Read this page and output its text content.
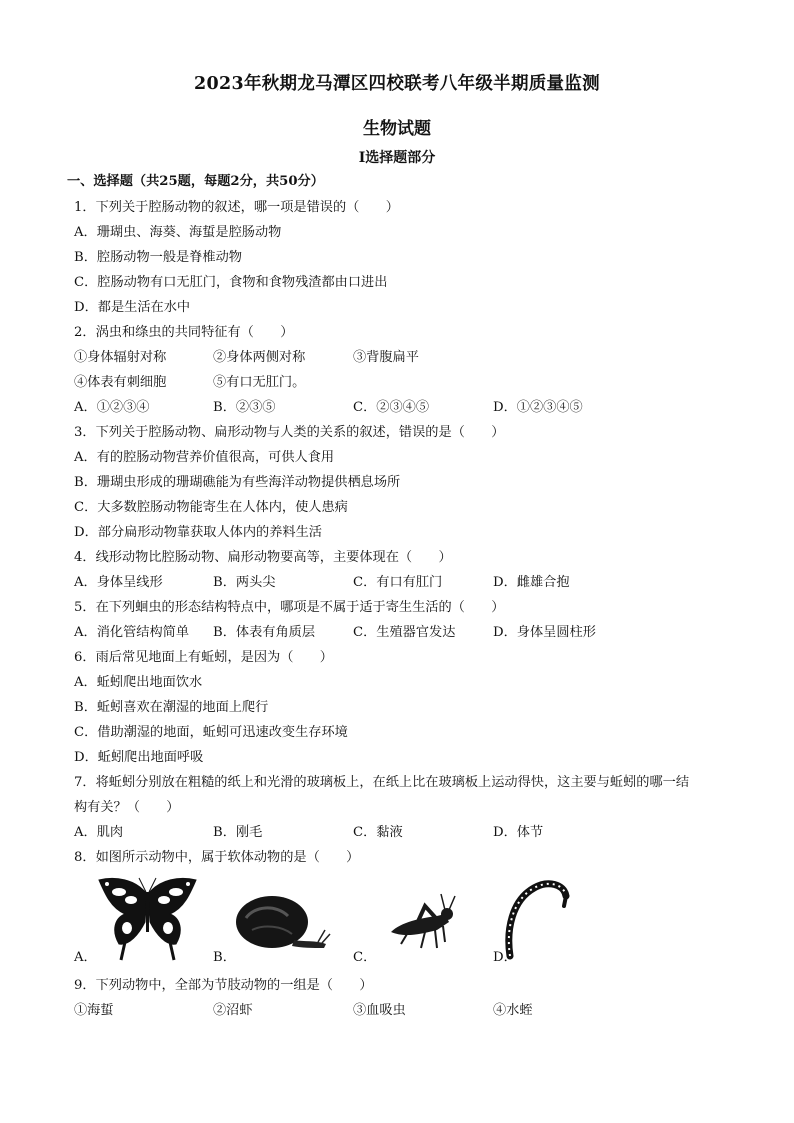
2023年秋期龙马潭区四校联考八年级半期质量监测
生物试题
Ⅰ选择题部分
一、选择题（共25题，每题2分，共50分）
1．下列关于腔肠动物的叙述，哪一项是错误的（　　）
A．珊瑚虫、海葵、海蜇是腔肠动物
B．腔肠动物一般是脊椎动物
C．腔肠动物有口无肛门，食物和食物残渣都由口进出
D．都是生活在水中
2．涡虫和绦虫的共同特征有（　　）
①身体辐射对称	②身体两侧对称	③背腹扁平
④体表有刺细胞	⑤有口无肛门。
A．①②③④	B．②③⑤	C．②③④⑤	D．①②③④⑤
3．下列关于腔肠动物、扁形动物与人类的关系的叙述，错误的是（　　）
A．有的腔肠动物营养价值很高，可供人食用
B．珊瑚虫形成的珊瑚礁能为有些海洋动物提供栖息场所
C．大多数腔肠动物能寄生在人体内，使人患病
D．部分扁形动物靠获取人体内的养料生活
4．线形动物比腔肠动物、扁形动物要高等，主要体现在（　　）
A．身体呈线形	B．两头尖	C．有口有肛门	D．雌雄合抱
5．在下列蛔虫的形态结构特点中，哪项是不属于适于寄生生活的（　　）
A．消化管结构简单 B．体表有角质层	C．生殖器官发达	D．身体呈圆柱形
6．雨后常见地面上有蚯蚓，是因为（　　）
A．蚯蚓爬出地面饮水
B．蚯蚓喜欢在潮湿的地面上爬行
C．借助潮湿的地面，蚯蚓可迅速改变生存环境
D．蚯蚓爬出地面呼吸
7．将蚯蚓分别放在粗糙的纸上和光滑的玻璃板上，在纸上比在玻璃板上运动得快，这主要与蚯蚓的哪一结
构有关？（　　）
A．肌肉	B．刚毛	C．黏液	D．体节
8．如图所示动物中，属于软体动物的是（　　）
A．	B．	C．	D．
9．下列动物中，全部为节肢动物的一组是（　　）
①海蜇	②沼虾	③血吸虫	④水蛭
